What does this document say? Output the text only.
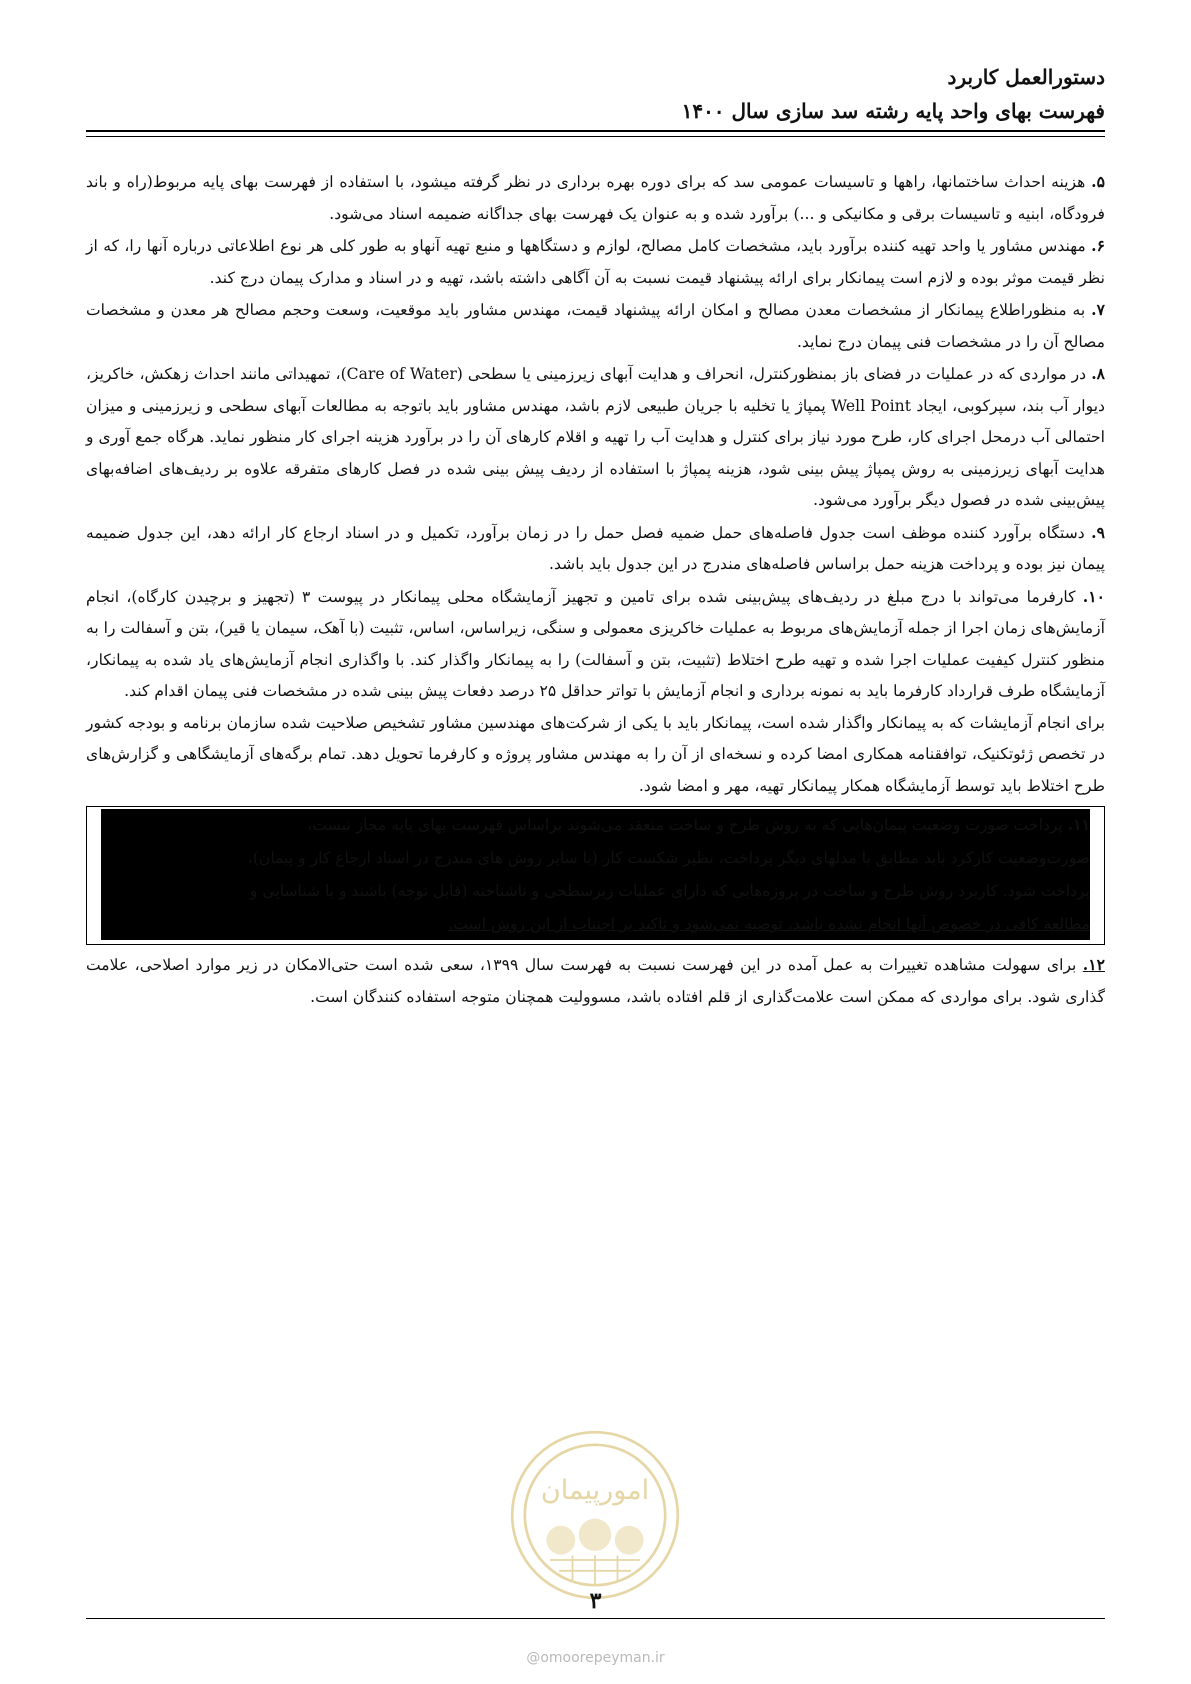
دستورالعمل کاربرد
فهرست بهای واحد پایه رشته سد سازی سال ۱۴۰۰

۵. هزینه احداث ساختمانها، راهها و تاسیسات عمومی سد که برای دوره بهره برداری در نظر گرفته میشود، با استفاده از فهرست بهای پایه مربوط(راه و باند فرودگاه، ابنیه و تاسیسات برقی و مکانیکی و ...) برآورد شده و به عنوان یک فهرست بهای جداگانه ضمیمه اسناد می‌شود.

۶. مهندس مشاور یا واحد تهیه کننده برآورد باید، مشخصات کامل مصالح، لوازم و دستگاهها و منبع تهیه آنهاو به طور کلی هر نوع اطلاعاتی درباره آنها را، که از نظر قیمت موثر بوده و لازم است پیمانکار برای ارائه پیشنهاد قیمت نسبت به آن آگاهی داشته باشد، تهیه و در اسناد و مدارک پیمان درج کند.

۷. به منظوراطلاع پیمانکار از مشخصات معدن مصالح و امکان ارائه پیشنهاد قیمت، مهندس مشاور باید موقعیت، وسعت وحجم مصالح هر معدن و مشخصات مصالح آن را در مشخصات فنی پیمان درج نماید.

۸. در مواردی که در عملیات در فضای باز بمنظورکنترل، انحراف و هدایت آبهای زیرزمینی یا سطحی (Care of Water)، تمهیداتی مانند احداث زهکش، خاکریز، دیوار آب بند، سپرکوبی، ایجاد Well Point پمپاژ یا تخلیه با جریان طبیعی لازم باشد، مهندس مشاور باید باتوجه به مطالعات آبهای سطحی و زیرزمینی و میزان احتمالی آب درمحل اجرای کار، طرح مورد نیاز برای کنترل و هدایت آب را تهیه و اقلام کارهای آن را در برآورد هزینه اجرای کار منظور نماید. هرگاه جمع آوری و هدایت آبهای زیرزمینی به روش پمپاژ پیش بینی شود، هزینه پمپاژ با استفاده از ردیف پیش بینی شده در فصل کارهای متفرقه علاوه بر ردیف‌های اضافه‌بهای پیش‌بینی شده در فصول دیگر برآورد می‌شود.

۹. دستگاه برآورد کننده موظف است جدول فاصله‌های حمل ضمیه فصل حمل را در زمان برآورد، تکمیل و در اسناد ارجاع کار ارائه دهد، این جدول ضمیمه پیمان نیز بوده و پرداخت هزینه حمل براساس فاصله‌های مندرج در این جدول باید باشد.

۱۰. کارفرما می‌تواند با درج مبلغ در ردیف‌های پیش‌بینی شده برای تامین و تجهیز آزمایشگاه محلی پیمانکار در پیوست ۳ (تجهیز و برچیدن کارگاه)، انجام آزمایش‌های زمان اجرا از جمله آزمایش‌های مربوط به عملیات خاکریزی معمولی و سنگی، زیراساس، اساس، تثبیت (با آهک، سیمان یا قیر)، بتن و آسفالت را به منظور کنترل کیفیت عملیات اجرا شده و تهیه طرح اختلاط (تثبیت، بتن و آسفالت) را به پیمانکار واگذار کند. با واگذاری انجام آزمایش‌های یاد شده به پیمانکار، آزمایشگاه طرف قرارداد کارفرما باید به نمونه برداری و انجام آزمایش با تواتر حداقل ۲۵ درصد دفعات پیش بینی شده در مشخصات فنی پیمان اقدام کند.

برای انجام آزمایشات که به پیمانکار واگذار شده است، پیمانکار باید با یکی از شرکت‌های مهندسین مشاور تشخیص صلاحیت شده سازمان برنامه و بودجه کشور در تخصص ژئوتکنیک، توافقنامه همکاری امضا کرده و نسخه‌ای از آن را به مهندس مشاور پروژه و کارفرما تحویل دهد. تمام برگه‌های آزمایشگاهی و گزارش‌های طرح اختلاط باید توسط آزمایشگاه همکار پیمانکار تهیه، مهر و امضا شود.

۱۱. پرداخت صورت وضعیت پیمان‌هایی که به روش طرح و ساخت منعقد می‌شوند براساس فهرست بهای پایه مجاز نیست،
صورت‌وضعیت کارکرد باید مطابق با مدلهای دیگر پرداخت، نظیر شکست کار (یا سایر روش های مندرج در اسناد ارجاع کار و پیمان)،
پرداخت شود. کاربرد روش طرح و ساخت در پروژه‌هایی که دارای عملیات زیرسطحی و ناشناخته (قابل توجه) باشند و یا شناسایی و
مطالعه کافی در خصوص آنها انجام نشده باشد، توصیه نمی‌شود و تاکید بر اجتناب از این روش است.

۱۲. برای سهولت مشاهده تغییرات به عمل آمده در این فهرست نسبت به فهرست سال ۱۳۹۹، سعی شده است حتی‌الامکان در زیر موارد اصلاحی، علامت گذاری شود. برای مواردی که ممکن است علامت‌گذاری از قلم افتاده باشد، مسوولیت همچنان متوجه استفاده کنندگان است.

امورپیمان
۳
@omoorepeyman.ir
